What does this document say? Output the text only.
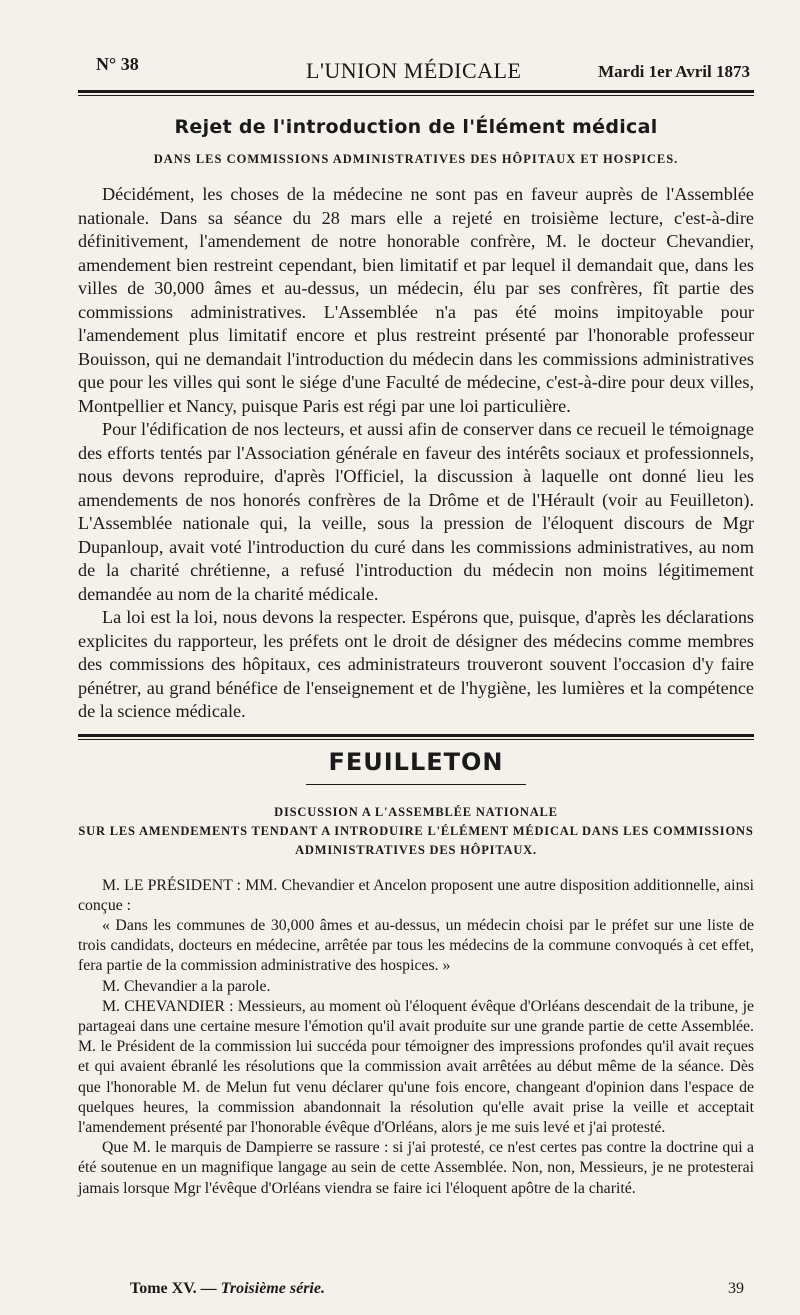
N° 38	L'UNION MÉDICALE	Mardi 1er Avril 1873
Rejet de l'introduction de l'Élément médical
DANS LES COMMISSIONS ADMINISTRATIVES DES HÔPITAUX ET HOSPICES.

Décidément, les choses de la médecine ne sont pas en faveur auprès de l'Assemblée nationale. Dans sa séance du 28 mars elle a rejeté en troisième lecture, c'est-à-dire définitivement, l'amendement de notre honorable confrère, M. le docteur Chevandier, amendement bien restreint cependant, bien limitatif et par lequel il demandait que, dans les villes de 30,000 âmes et au-dessus, un médecin, élu par ses confrères, fît partie des commissions administratives. L'Assemblée n'a pas été moins impitoyable pour l'amendement plus limitatif encore et plus restreint présenté par l'honorable professeur Bouisson, qui ne demandait l'introduction du médecin dans les commissions administratives que pour les villes qui sont le siége d'une Faculté de médecine, c'est-à-dire pour deux villes, Montpellier et Nancy, puisque Paris est régi par une loi particulière.

Pour l'édification de nos lecteurs, et aussi afin de conserver dans ce recueil le témoignage des efforts tentés par l'Association générale en faveur des intérêts sociaux et professionnels, nous devons reproduire, d'après l'Officiel, la discussion à laquelle ont donné lieu les amendements de nos honorés confrères de la Drôme et de l'Hérault (voir au Feuilleton). L'Assemblée nationale qui, la veille, sous la pression de l'éloquent discours de Mgr Dupanloup, avait voté l'introduction du curé dans les commissions administratives, au nom de la charité chrétienne, a refusé l'introduction du médecin non moins légitimement demandée au nom de la charité médicale.

La loi est la loi, nous devons la respecter. Espérons que, puisque, d'après les déclarations explicites du rapporteur, les préfets ont le droit de désigner des médecins comme membres des commissions des hôpitaux, ces administrateurs trouveront souvent l'occasion d'y faire pénétrer, au grand bénéfice de l'enseignement et de l'hygiène, les lumières et la compétence de la science médicale.

FEUILLETON
DISCUSSION A L'ASSEMBLÉE NATIONALE
SUR LES AMENDEMENTS TENDANT A INTRODUIRE L'ÉLÉMENT MÉDICAL DANS LES COMMISSIONS
ADMINISTRATIVES DES HÔPITAUX.

M. LE PRÉSIDENT : MM. Chevandier et Ancelon proposent une autre disposition additionnelle, ainsi conçue :

« Dans les communes de 30,000 âmes et au-dessus, un médecin choisi par le préfet sur une liste de trois candidats, docteurs en médecine, arrêtée par tous les médecins de la commune convoqués à cet effet, fera partie de la commission administrative des hospices. »

M. Chevandier a la parole.

M. CHEVANDIER : Messieurs, au moment où l'éloquent évêque d'Orléans descendait de la tribune, je partageai dans une certaine mesure l'émotion qu'il avait produite sur une grande partie de cette Assemblée. M. le Président de la commission lui succéda pour témoigner des impressions profondes qu'il avait reçues et qui avaient ébranlé les résolutions que la commission avait arrêtées au début même de la séance. Dès que l'honorable M. de Melun fut venu déclarer qu'une fois encore, changeant d'opinion dans l'espace de quelques heures, la commission abandonnait la résolution qu'elle avait prise la veille et acceptait l'amendement présenté par l'honorable évêque d'Orléans, alors je me suis levé et j'ai protesté.

Que M. le marquis de Dampierre se rassure : si j'ai protesté, ce n'est certes pas contre la doctrine qui a été soutenue en un magnifique langage au sein de cette Assemblée. Non, non, Messieurs, je ne protesterai jamais lorsque Mgr l'évêque d'Orléans viendra se faire ici l'éloquent apôtre de la charité.

Tome XV. — Troisième série.	39
